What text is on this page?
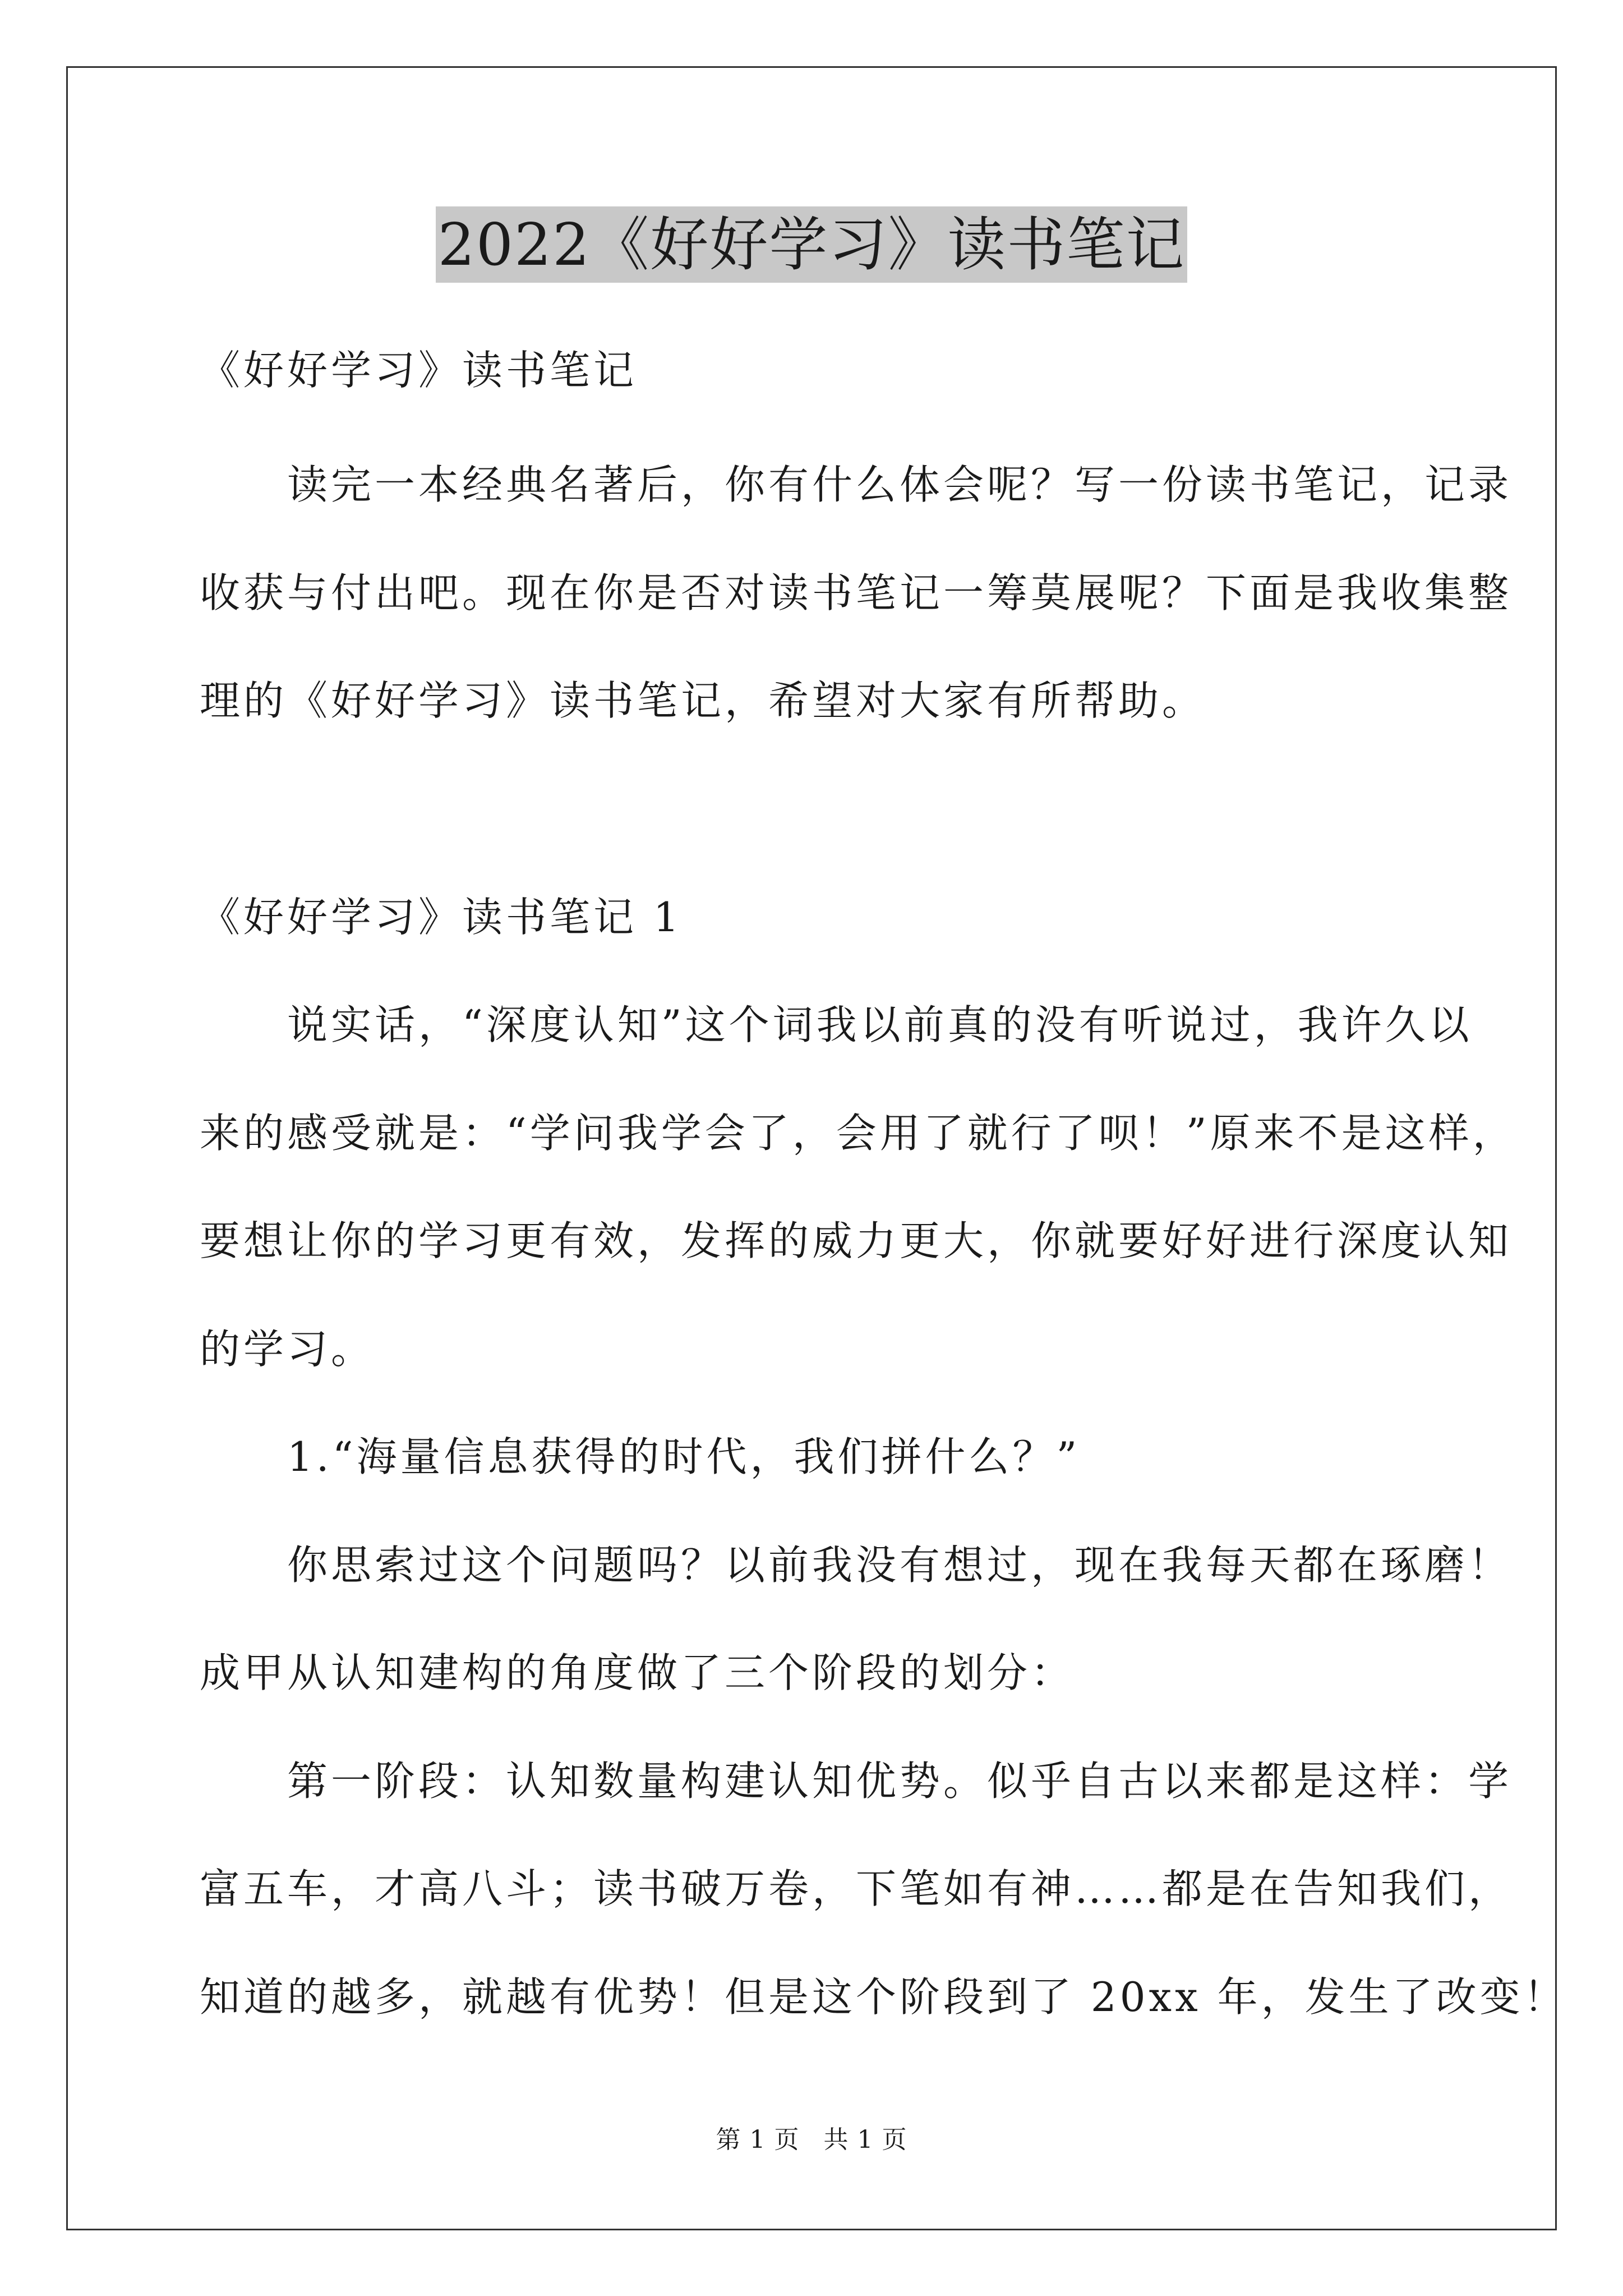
2022《好好学习》读书笔记
《好好学习》读书笔记
　　读完一本经典名著后，你有什么体会呢？写一份读书笔记，记录
收获与付出吧。现在你是否对读书笔记一筹莫展呢？下面是我收集整
理的《好好学习》读书笔记，希望对大家有所帮助。
《好好学习》读书笔记 1
　　说实话，“深度认知”这个词我以前真的没有听说过，我许久以
来的感受就是：“学问我学会了，会用了就行了呗！”原来不是这样，
要想让你的学习更有效，发挥的威力更大，你就要好好进行深度认知
的学习。
　　1.“海量信息获得的时代，我们拼什么？”
　　你思索过这个问题吗？以前我没有想过，现在我每天都在琢磨！
成甲从认知建构的角度做了三个阶段的划分：
　　第一阶段：认知数量构建认知优势。似乎自古以来都是这样：学
富五车，才高八斗；读书破万卷，下笔如有神……都是在告知我们，
知道的越多，就越有优势！但是这个阶段到了 20xx 年，发生了改变！
第 1 页 共 1 页
